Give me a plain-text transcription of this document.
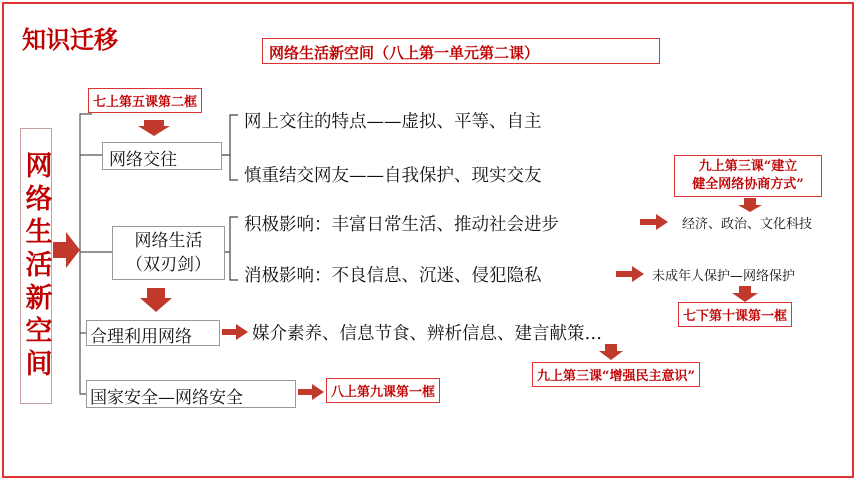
知识迁移	网络生活新空间（八上第一单元第二课）
网络生活新空间
七上第五课第二框
网络交往
网上交往的特点——虚拟、平等、自主
慎重结交网友——自我保护、现实交友
网络生活
（双刃剑）
积极影响：丰富日常生活、推动社会进步
消极影响：不良信息、沉迷、侵犯隐私
经济、政治、文化科技
未成年人保护—网络保护
九上第三课“建立
健全网络协商方式”
七下第十课第一框
合理利用网络	媒介素养、信息节食、辨析信息、建言献策…
九上第三课“增强民主意识”
国家安全—网络安全	八上第九课第一框
